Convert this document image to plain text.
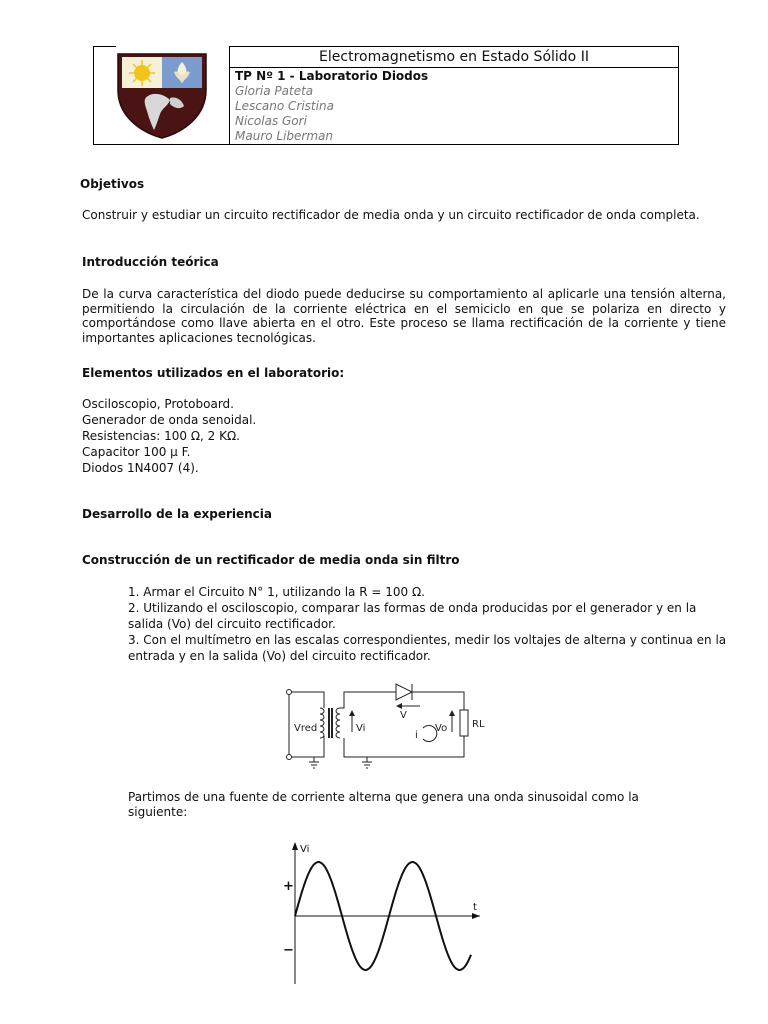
Electromagnetismo en Estado Sólido II
TP Nº 1 - Laboratorio Diodos
Gloria Pateta
Lescano Cristina
Nicolas Gori
Mauro Liberman
Objetivos

Construir y estudiar un circuito rectificador de media onda y un circuito rectificador de onda completa.

Introducción teórica

De la curva característica del diodo puede deducirse su comportamiento al aplicarle una tensión alterna, permitiendo la circulación de la corriente eléctrica en el semiciclo en que se polariza en directo y comportándose como llave abierta en el otro. Este proceso se llama rectificación de la corriente y tiene importantes aplicaciones tecnológicas.

Elementos utilizados en el laboratorio:
Osciloscopio, Protoboard.
Generador de onda senoidal.
Resistencias: 100 Ω, 2 KΩ.
Capacitor 100 μ F.
Diodos 1N4007 (4).
Desarrollo de la experiencia
Construcción de un rectificador de media onda sin filtro
1. Armar el Circuito N° 1, utilizando la R = 100 Ω.
2. Utilizando el osciloscopio, comparar las formas de onda producidas por el generador y en la salida (Vo) del circuito rectificador.
3. Con el multímetro en las escalas correspondientes, medir los voltajes de alterna y continua en la entrada y en la salida (Vo) del circuito rectificador.
Vred	Vi
V
i
Vo RL

Partimos de una fuente de corriente alterna que genera una onda sinusoidal como la siguiente:

Vi
t
+
−
